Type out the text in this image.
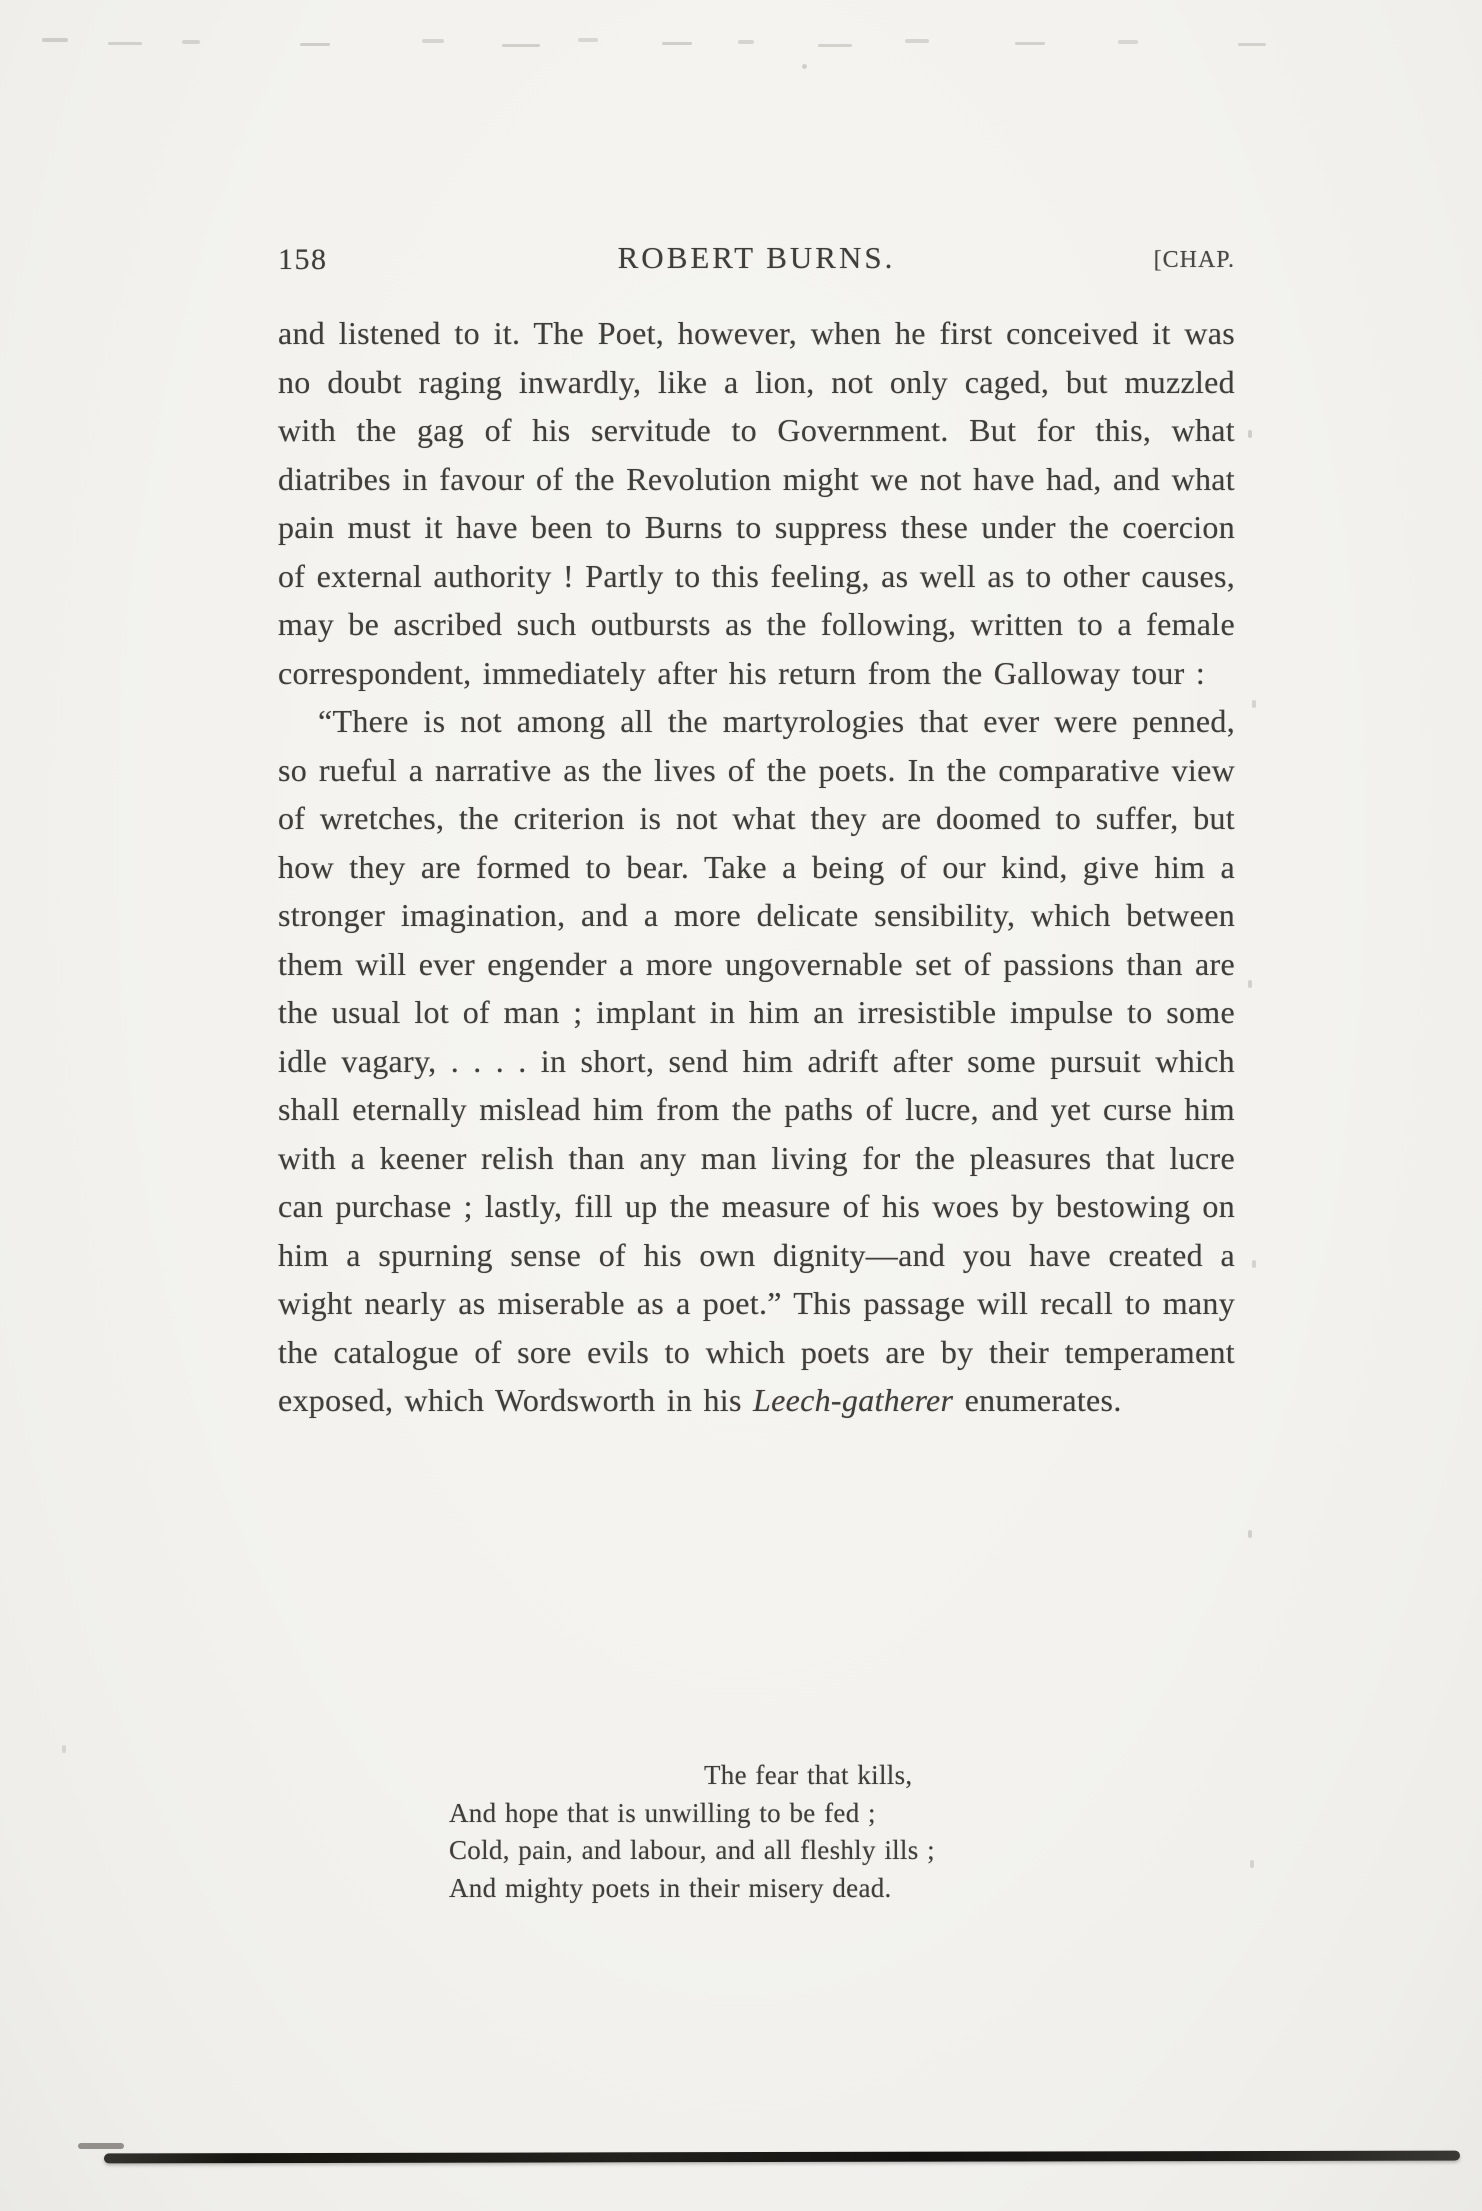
158	ROBERT BURNS.	[CHAP.

and listened to it. The Poet, however, when he first conceived it was no doubt raging inwardly, like a lion, not only caged, but muzzled with the gag of his servitude to Government. But for this, what diatribes in favour of the Revolution might we not have had, and what pain must it have been to Burns to suppress these under the coercion of external authority ! Partly to this feeling, as well as to other causes, may be ascribed such outbursts as the following, written to a female correspondent, immediately after his return from the Galloway tour :

“There is not among all the martyrologies that ever were penned, so rueful a narrative as the lives of the poets. In the comparative view of wretches, the criterion is not what they are doomed to suffer, but how they are formed to bear. Take a being of our kind, give him a stronger imagination, and a more delicate sensibility, which between them will ever engender a more ungovernable set of passions than are the usual lot of man ; implant in him an irresistible impulse to some idle vagary, . . . . in short, send him adrift after some pursuit which shall eternally mislead him from the paths of lucre, and yet curse him with a keener relish than any man living for the pleasures that lucre can purchase ; lastly, fill up the measure of his woes by bestowing on him a spurning sense of his own dignity—and you have created a wight nearly as miserable as a poet.” This passage will recall to many the catalogue of sore evils to which poets are by their temperament exposed, which Wordsworth in his Leech-gatherer enumerates.

The fear that kills,
And hope that is unwilling to be fed ;
Cold, pain, and labour, and all fleshly ills ;
And mighty poets in their misery dead.
